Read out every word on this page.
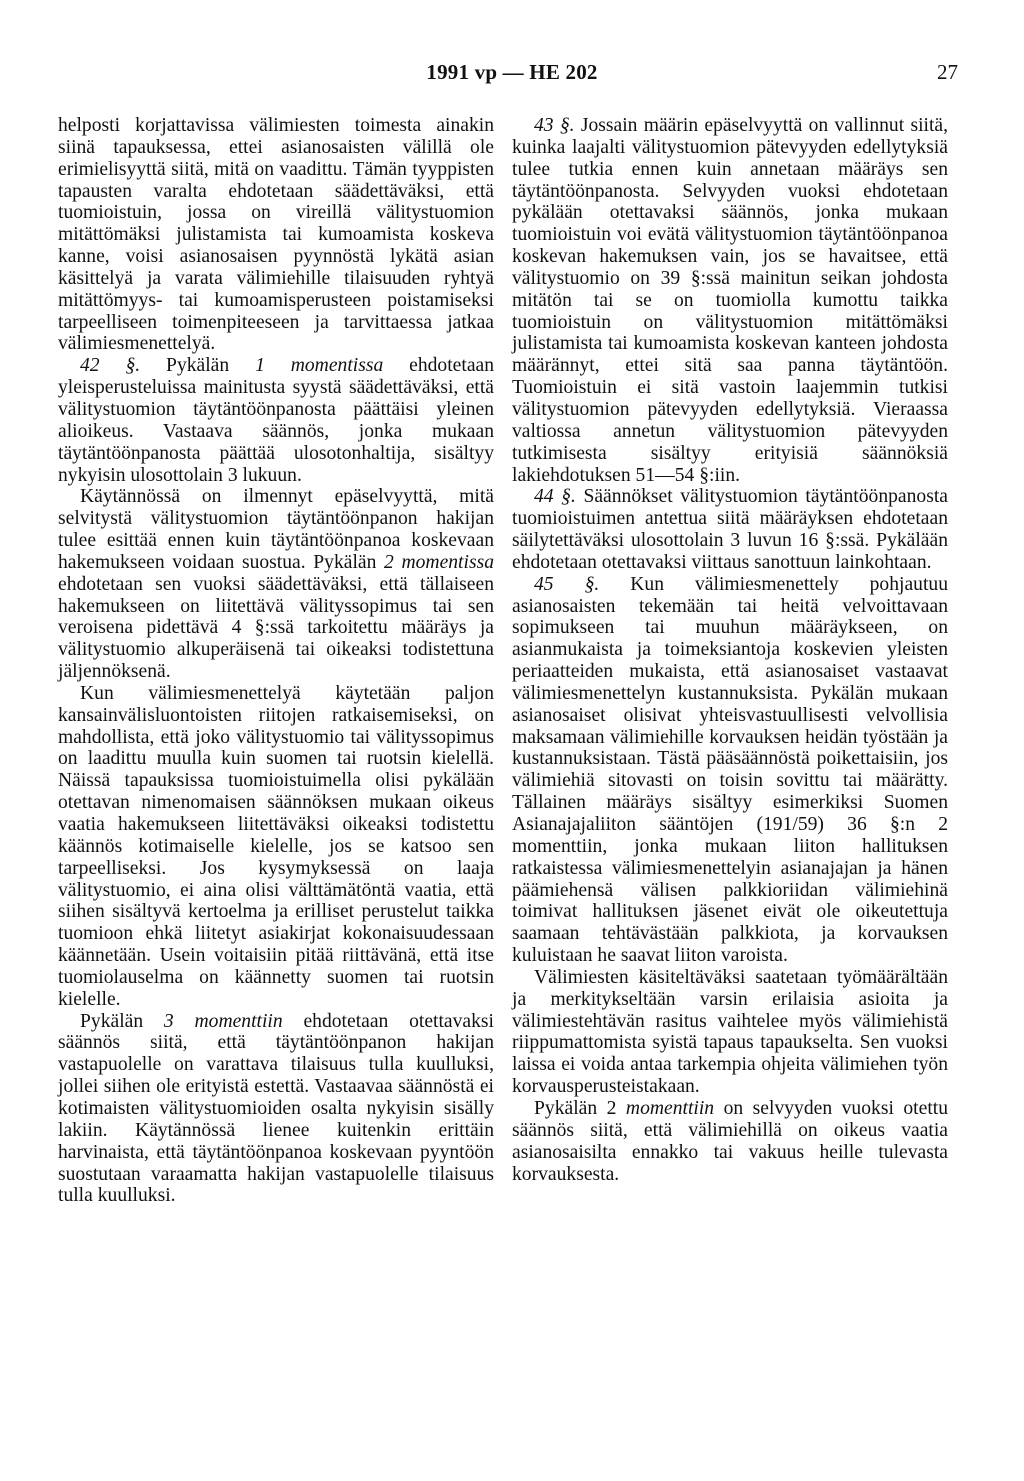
1991 vp — HE 202	27

helposti korjattavissa välimiesten toimesta ainakin siinä tapauksessa, ettei asianosaisten välillä ole erimielisyyttä siitä, mitä on vaadittu. Tämän tyyppisten tapausten varalta ehdotetaan säädettäväksi, että tuomioistuin, jossa on vireillä välitystuomion mitättömäksi julistamista tai kumoamista koskeva kanne, voisi asianosaisen pyynnöstä lykätä asian käsittelyä ja varata välimiehille tilaisuuden ryhtyä mitättömyys- tai kumoamisperusteen poistamiseksi tarpeelliseen toimenpiteeseen ja tarvittaessa jatkaa välimiesmenettelyä.

42 §. Pykälän 1 momentissa ehdotetaan yleisperusteluissa mainitusta syystä säädettäväksi, että välitystuomion täytäntöönpanosta päättäisi yleinen alioikeus. Vastaava säännös, jonka mukaan täytäntöönpanosta päättää ulosotonhaltija, sisältyy nykyisin ulosottolain 3 lukuun.

Käytännössä on ilmennyt epäselvyyttä, mitä selvitystä välitystuomion täytäntöönpanon hakijan tulee esittää ennen kuin täytäntöönpanoa koskevaan hakemukseen voidaan suostua. Pykälän 2 momentissa ehdotetaan sen vuoksi säädettäväksi, että tällaiseen hakemukseen on liitettävä välityssopimus tai sen veroisena pidettävä 4 §:ssä tarkoitettu määräys ja välitystuomio alkuperäisenä tai oikeaksi todistettuna jäljennöksenä.

Kun välimiesmenettelyä käytetään paljon kansainvälisluontoisten riitojen ratkaisemiseksi, on mahdollista, että joko välitystuomio tai välityssopimus on laadittu muulla kuin suomen tai ruotsin kielellä. Näissä tapauksissa tuomioistuimella olisi pykälään otettavan nimenomaisen säännöksen mukaan oikeus vaatia hakemukseen liitettäväksi oikeaksi todistettu käännös kotimaiselle kielelle, jos se katsoo sen tarpeelliseksi. Jos kysymyksessä on laaja välitystuomio, ei aina olisi välttämätöntä vaatia, että siihen sisältyvä kertoelma ja erilliset perustelut taikka tuomioon ehkä liitetyt asiakirjat kokonaisuudessaan käännetään. Usein voitaisiin pitää riittävänä, että itse tuomiolauselma on käännetty suomen tai ruotsin kielelle.

Pykälän 3 momenttiin ehdotetaan otettavaksi säännös siitä, että täytäntöönpanon hakijan vastapuolelle on varattava tilaisuus tulla kuulluksi, jollei siihen ole erityistä estettä. Vastaavaa säännöstä ei kotimaisten välitystuomioiden osalta nykyisin sisälly lakiin. Käytännössä lienee kuitenkin erittäin harvinaista, että täytäntöönpanoa koskevaan pyyntöön suostutaan varaamatta hakijan vastapuolelle tilaisuus tulla kuulluksi.

43 §. Jossain määrin epäselvyyttä on vallinnut siitä, kuinka laajalti välitystuomion pätevyyden edellytyksiä tulee tutkia ennen kuin annetaan määräys sen täytäntöönpanosta. Selvyyden vuoksi ehdotetaan pykälään otettavaksi säännös, jonka mukaan tuomioistuin voi evätä välitystuomion täytäntöönpanoa koskevan hakemuksen vain, jos se havaitsee, että välitystuomio on 39 §:ssä mainitun seikan johdosta mitätön tai se on tuomiolla kumottu taikka tuomioistuin on välitystuomion mitättömäksi julistamista tai kumoamista koskevan kanteen johdosta määrännyt, ettei sitä saa panna täytäntöön. Tuomioistuin ei sitä vastoin laajemmin tutkisi välitystuomion pätevyyden edellytyksiä. Vieraassa valtiossa annetun välitystuomion pätevyyden tutkimisesta sisältyy erityisiä säännöksiä lakiehdotuksen 51—54 §:iin.

44 §. Säännökset välitystuomion täytäntöönpanosta tuomioistuimen antettua siitä määräyksen ehdotetaan säilytettäväksi ulosottolain 3 luvun 16 §:ssä. Pykälään ehdotetaan otettavaksi viittaus sanottuun lainkohtaan.

45 §. Kun välimiesmenettely pohjautuu asianosaisten tekemään tai heitä velvoittavaan sopimukseen tai muuhun määräykseen, on asianmukaista ja toimeksiantoja koskevien yleisten periaatteiden mukaista, että asianosaiset vastaavat välimiesmenettelyn kustannuksista. Pykälän mukaan asianosaiset olisivat yhteisvastuullisesti velvollisia maksamaan välimiehille korvauksen heidän työstään ja kustannuksistaan. Tästä pääsäännöstä poikettaisiin, jos välimiehiä sitovasti on toisin sovittu tai määrätty. Tällainen määräys sisältyy esimerkiksi Suomen Asianajajaliiton sääntöjen (191/59) 36 §:n 2 momenttiin, jonka mukaan liiton hallituksen ratkaistessa välimiesmenettelyin asianajajan ja hänen päämiehensä välisen palkkioriidan välimiehinä toimivat hallituksen jäsenet eivät ole oikeutettuja saamaan tehtävästään palkkiota, ja korvauksen kuluistaan he saavat liiton varoista.

Välimiesten käsiteltäväksi saatetaan työmäärältään ja merkitykseltään varsin erilaisia asioita ja välimiestehtävän rasitus vaihtelee myös välimiehistä riippumattomista syistä tapaus tapaukselta. Sen vuoksi laissa ei voida antaa tarkempia ohjeita välimiehen työn korvausperusteistakaan.

Pykälän 2 momenttiin on selvyyden vuoksi otettu säännös siitä, että välimiehillä on oikeus vaatia asianosaisilta ennakko tai vakuus heille tulevasta korvauksesta.
